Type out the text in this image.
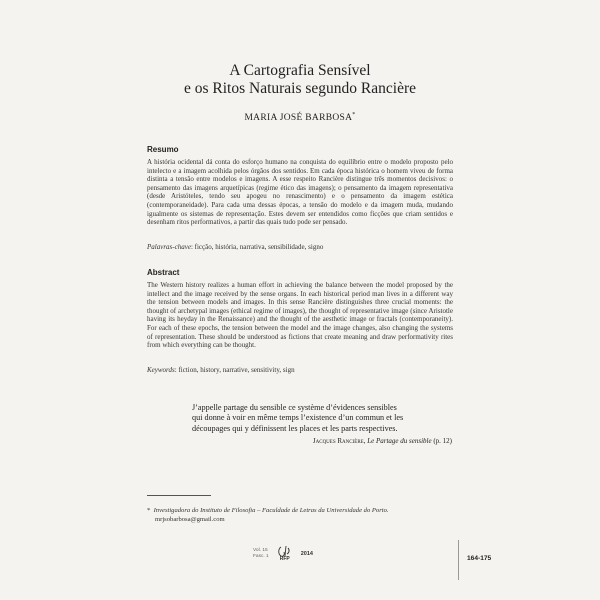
A Cartografia Sensível
e os Ritos Naturais segundo Rancière
MARIA JOSÉ BARBOSA*
Resumo
A história ocidental dá conta do esforço humano na conquista do equilíbrio entre o modelo proposto pelo intelecto e a imagem acolhida pelos órgãos dos sentidos. Em cada época histórica o homem viveu de forma distinta a tensão entre modelos e imagens. A esse respeito Rancière distingue três momentos decisivos: o pensamento das imagens arquetípicas (regime ético das imagens); o pensamento da imagem representativa (desde Aristóteles, tendo seu apogeu no renascimento) e o pensamento da imagem estética (contemporaneidade). Para cada uma dessas épocas, a tensão do modelo e da imagem muda, mudando igualmente os sistemas de representação. Estes devem ser entendidos como ficções que criam sentidos e desenham ritos performativos, a partir das quais tudo pode ser pensado.
Palavras-chave: ficção, história, narrativa, sensibilidade, signo
Abstract
The Western history realizes a human effort in achieving the balance between the model proposed by the intellect and the image received by the sense organs. In each historical period man lives in a different way the tension between models and images. In this sense Rancière distinguishes three crucial moments: the thought of archetypal images (ethical regime of images), the thought of representative image (since Aristotle having its heyday in the Renaissance) and the thought of the aesthetic image or fractals (contemporaneity). For each of these epochs, the tension between the model and the image changes, also changing the systems of representation. These should be understood as fictions that create meaning and draw performativity rites from which everything can be thought.
Keywords: fiction, history, narrative, sensitivity, sign
J’appelle partage du sensible ce système d’évidences sensibles
qui donne à voir en même temps l’existence d’un commun et les
découpages qui y définissent les places et les parts respectives.
Jacques Rancière, Le Partage du sensible (p. 12)
* Investigadora do Instituto de Filosofia – Faculdade de Letras da Universidade do Porto.
mrjsobarbosa@gmail.com
Vol. 15
Fasc. 1 RFP
2014
164-175
